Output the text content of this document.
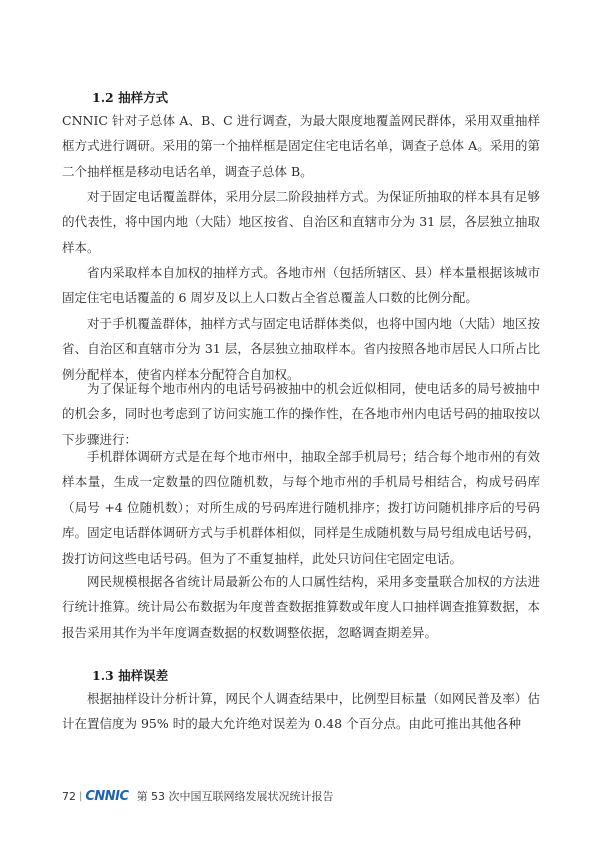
1.2 抽样方式

CNNIC 针对子总体 A、B、C 进行调查，为最大限度地覆盖网民群体，采用双重抽样框方式进行调研。采用的第一个抽样框是固定住宅电话名单，调查子总体 A。采用的第二个抽样框是移动电话名单，调查子总体 B。

对于固定电话覆盖群体，采用分层二阶段抽样方式。为保证所抽取的样本具有足够的代表性，将中国内地（大陆）地区按省、自治区和直辖市分为 31 层，各层独立抽取样本。

省内采取样本自加权的抽样方式。各地市州（包括所辖区、县）样本量根据该城市固定住宅电话覆盖的 6 周岁及以上人口数占全省总覆盖人口数的比例分配。

对于手机覆盖群体，抽样方式与固定电话群体类似，也将中国内地（大陆）地区按省、自治区和直辖市分为 31 层，各层独立抽取样本。省内按照各地市居民人口所占比例分配样本，使省内样本分配符合自加权。

为了保证每个地市州内的电话号码被抽中的机会近似相同，使电话多的局号被抽中的机会多，同时也考虑到了访问实施工作的操作性，在各地市州内电话号码的抽取按以下步骤进行：

手机群体调研方式是在每个地市州中，抽取全部手机局号；结合每个地市州的有效样本量，生成一定数量的四位随机数，与每个地市州的手机局号相结合，构成号码库（局号 +4 位随机数）；对所生成的号码库进行随机排序；拨打访问随机排序后的号码库。固定电话群体调研方式与手机群体相似，同样是生成随机数与局号组成电话号码，拨打访问这些电话号码。但为了不重复抽样，此处只访问住宅固定电话。

网民规模根据各省统计局最新公布的人口属性结构，采用多变量联合加权的方法进行统计推算。统计局公布数据为年度普查数据推算数或年度人口抽样调查推算数据，本报告采用其作为半年度调查数据的权数调整依据，忽略调查期差异。

1.3 抽样误差

根据抽样设计分析计算，网民个人调查结果中，比例型目标量（如网民普及率）估计在置信度为 95% 时的最大允许绝对误差为 0.48 个百分点。由此可推出其他各种

72 | CNNIC 第 53 次中国互联网络发展状况统计报告
